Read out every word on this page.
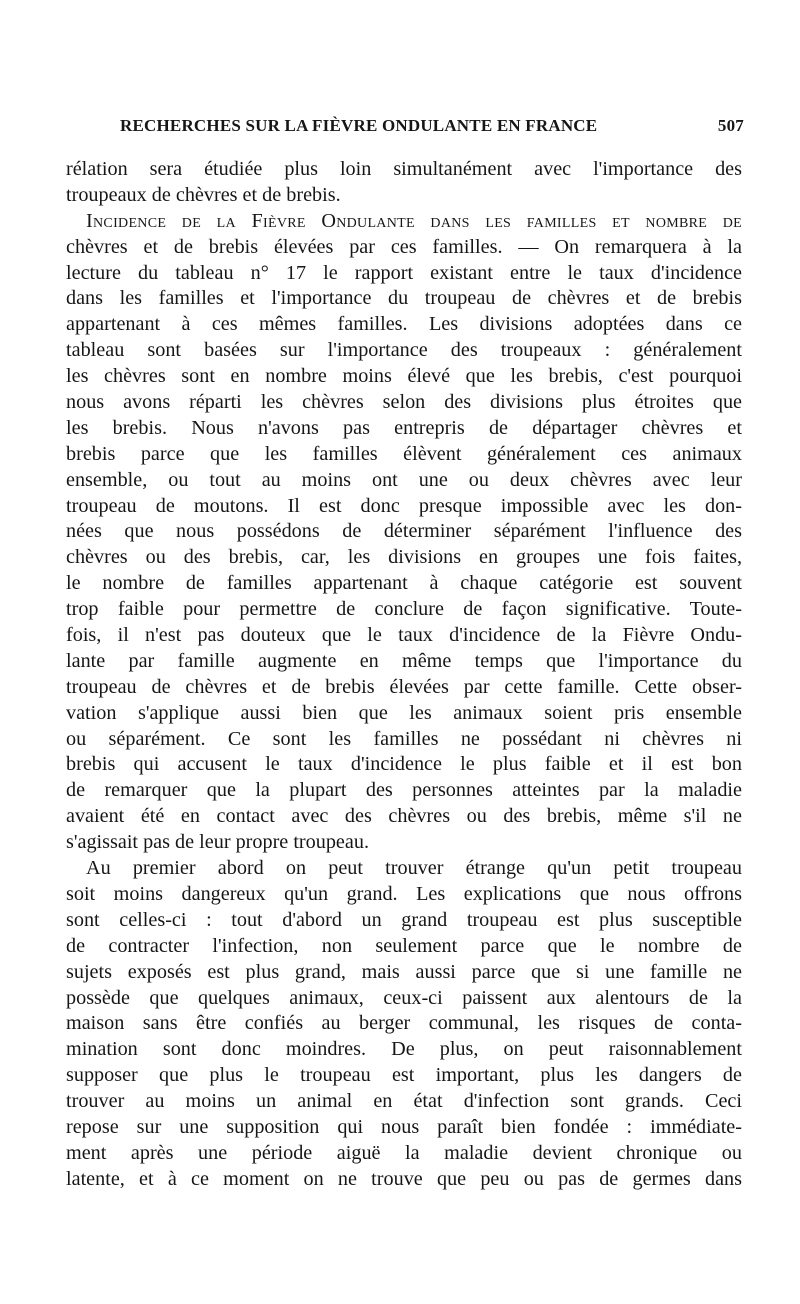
RECHERCHES SUR LA FIÈVRE ONDULANTE EN FRANCE	507
rélation sera étudiée plus loin simultanément avec l'importance des
troupeaux de chèvres et de brebis.
Incidence de la Fièvre Ondulante dans les familles et nombre de
chèvres et de brebis élevées par ces familles. — On remarquera à la
lecture du tableau n° 17 le rapport existant entre le taux d'incidence
dans les familles et l'importance du troupeau de chèvres et de brebis
appartenant à ces mêmes familles. Les divisions adoptées dans ce
tableau sont basées sur l'importance des troupeaux : généralement
les chèvres sont en nombre moins élevé que les brebis, c'est pourquoi
nous avons réparti les chèvres selon des divisions plus étroites que
les brebis. Nous n'avons pas entrepris de départager chèvres et
brebis parce que les familles élèvent généralement ces animaux
ensemble, ou tout au moins ont une ou deux chèvres avec leur
troupeau de moutons. Il est donc presque impossible avec les don-
nées que nous possédons de déterminer séparément l'influence des
chèvres ou des brebis, car, les divisions en groupes une fois faites,
le nombre de familles appartenant à chaque catégorie est souvent
trop faible pour permettre de conclure de façon significative. Toute-
fois, il n'est pas douteux que le taux d'incidence de la Fièvre Ondu-
lante par famille augmente en même temps que l'importance du
troupeau de chèvres et de brebis élevées par cette famille. Cette obser-
vation s'applique aussi bien que les animaux soient pris ensemble
ou séparément. Ce sont les familles ne possédant ni chèvres ni
brebis qui accusent le taux d'incidence le plus faible et il est bon
de remarquer que la plupart des personnes atteintes par la maladie
avaient été en contact avec des chèvres ou des brebis, même s'il ne
s'agissait pas de leur propre troupeau.
Au premier abord on peut trouver étrange qu'un petit troupeau
soit moins dangereux qu'un grand. Les explications que nous offrons
sont celles-ci : tout d'abord un grand troupeau est plus susceptible
de contracter l'infection, non seulement parce que le nombre de
sujets exposés est plus grand, mais aussi parce que si une famille ne
possède que quelques animaux, ceux-ci paissent aux alentours de la
maison sans être confiés au berger communal, les risques de conta-
mination sont donc moindres. De plus, on peut raisonnablement
supposer que plus le troupeau est important, plus les dangers de
trouver au moins un animal en état d'infection sont grands. Ceci
repose sur une supposition qui nous paraît bien fondée : immédiate-
ment après une période aiguë la maladie devient chronique ou
latente, et à ce moment on ne trouve que peu ou pas de germes dans
